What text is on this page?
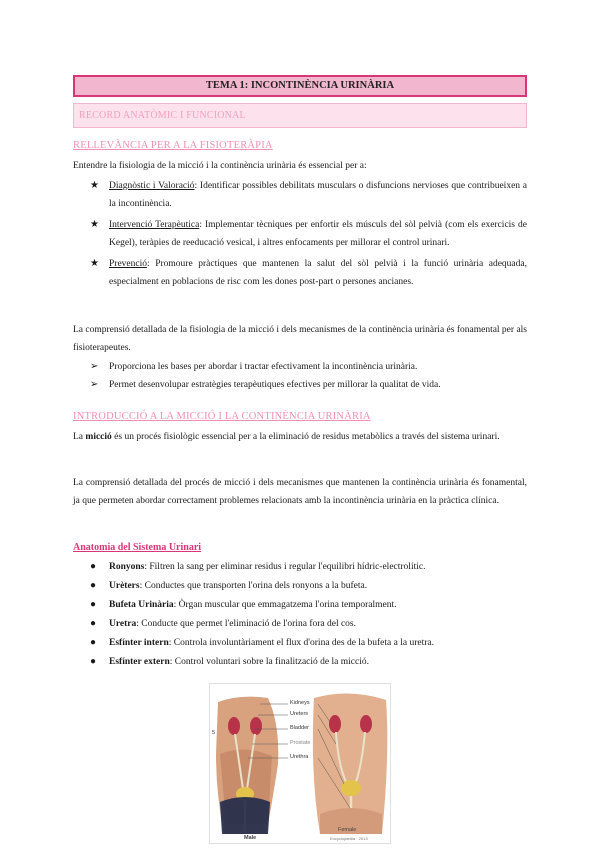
TEMA 1: INCONTINÈNCIA URINÀRIA
RECORD ANATÒMIC I FUNCIONAL
RELLEVÀNCIA PER A LA FISIOTERÀPIA
Entendre la fisiologia de la micció i la continència urinària és essencial per a:
★ Diagnòstic i Valoració: Identificar possibles debilitats musculars o disfuncions nervioses que contribueixen a la incontinència.
★ Intervenció Terapèutica: Implementar tècniques per enfortir els músculs del sòl pelvià (com els exercicis de Kegel), teràpies de reeducació vesical, i altres enfocaments per millorar el control urinari.
★ Prevenció: Promoure pràctiques que mantenen la salut del sòl pelvià i la funció urinària adequada, especialment en poblacions de risc com les dones post-part o persones ancianes.
La comprensió detallada de la fisiologia de la micció i dels mecanismes de la continència urinària és fonamental per als fisioterapeutes.
➢ Proporciona les bases per abordar i tractar efectivament la incontinència urinària.
➢ Permet desenvolupar estratègies terapèutiques efectives per millorar la qualitat de vida.
INTRODUCCIÓ A LA MICCIÓ I LA CONTINÈNCIA URINÀRIA
La micció és un procés fisiològic essencial per a la eliminació de residus metabòlics a través del sistema urinari.
La comprensió detallada del procés de micció i dels mecanismes que mantenen la continència urinària és fonamental, ja que permeten abordar correctament problemes relacionats amb la incontinència urinària en la pràctica clínica.
Anatomia del Sistema Urinari
● Ronyons: Filtren la sang per eliminar residus i regular l'equilibri hídric-electrolític.
● Urèters: Conductes que transporten l'orina dels ronyons a la bufeta.
● Bufeta Urinària: Òrgan muscular que emmagatzema l'orina temporalment.
● Uretra: Conducte que permet l'eliminació de l'orina fora del cos.
● Esfínter intern: Controla involuntàriament el flux d'orina des de la bufeta a la uretra.
● Esfínter extern: Control voluntari sobre la finalització de la micció.
Kidneys
Ureters
Bladder
Prostate
Urethra
5
Male
Female
Encyclopædia · 2013
